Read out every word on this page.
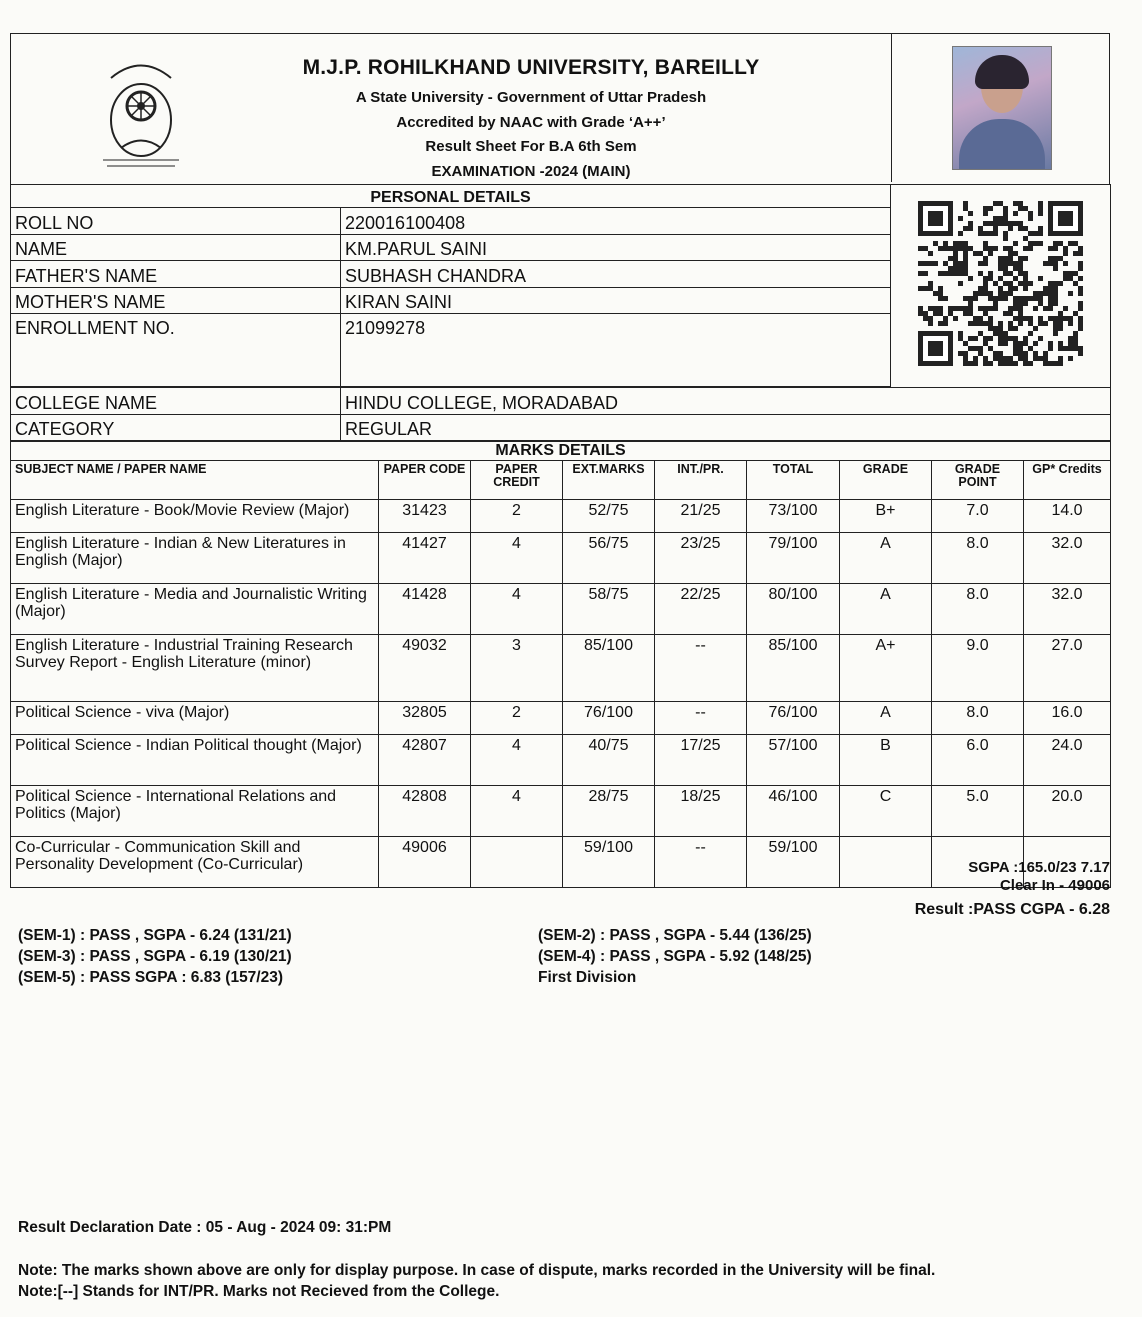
M.J.P. ROHILKHAND UNIVERSITY, BAREILLY
A State University - Government of Uttar Pradesh
Accredited by NAAC with Grade ‘A++’
Result Sheet For B.A 6th Sem
EXAMINATION -2024 (MAIN)
PERSONAL DETAILS	
ROLL NO	220016100408	
NAME	KM.PARUL SAINI	
FATHER'S NAME	SUBHASH CHANDRA	
MOTHER'S NAME	KIRAN SAINI	
ENROLLMENT NO.	21099278	

COLLEGE NAME	HINDU COLLEGE, MORADABAD	
CATEGORY	REGULAR	
MARKS DETAILS								
SUBJECT NAME / PAPER NAME	PAPER CODE	PAPER CREDIT	EXT.MARKS	INT./PR.	TOTAL	GRADE	GRADE POINT	GP* Credits
English Literature - Book/Movie Review (Major)	31423	2	52/75	21/25	73/100	B+	7.0	14.0
English Literature - Indian & New Literatures in English (Major)	41427	4	56/75	23/25	79/100	A	8.0	32.0
English Literature - Media and Journalistic Writing (Major)	41428	4	58/75	22/25	80/100	A	8.0	32.0
English Literature - Industrial Training Research Survey Report - English Literature (minor)	49032	3	85/100	--	85/100	A+	9.0	27.0
Political Science - viva (Major)	32805	2	76/100	--	76/100	A	8.0	16.0
Political Science - Indian Political thought (Major)	42807	4	40/75	17/25	57/100	B	6.0	24.0
Political Science - International Relations and Politics (Major)	42808	4	28/75	18/25	46/100	C	5.0	20.0
Co-Curricular - Communication Skill and Personality Development (Co-Curricular)	49006		59/100	--	59/100			
SGPA :165.0/23 7.17
Clear In - 49006
Result :PASS CGPA - 6.28
(SEM-1) : PASS , SGPA - 6.24 (131/21)
(SEM-3) : PASS , SGPA - 6.19 (130/21)
(SEM-5) : PASS SGPA : 6.83 (157/23)
(SEM-2) : PASS , SGPA - 5.44 (136/25)
(SEM-4) : PASS , SGPA - 5.92 (148/25)
First Division
Result Declaration Date : 05 - Aug - 2024 09: 31:PM
Note: The marks shown above are only for display purpose. In case of dispute, marks recorded in the University will be final.
Note:[--] Stands for INT/PR. Marks not Recieved from the College.
